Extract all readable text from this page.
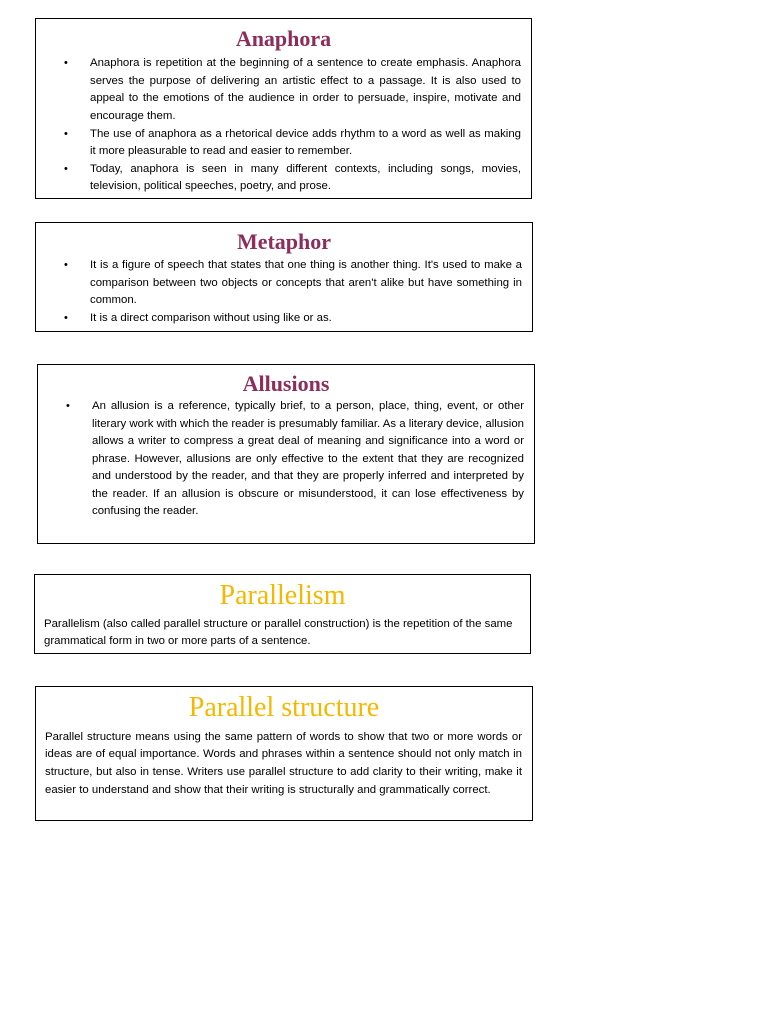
Anaphora
• Anaphora is repetition at the beginning of a sentence to create emphasis. Anaphora serves the purpose of delivering an artistic effect to a passage. It is also used to appeal to the emotions of the audience in order to persuade, inspire, motivate and encourage them.
• The use of anaphora as a rhetorical device adds rhythm to a word as well as making it more pleasurable to read and easier to remember.
• Today, anaphora is seen in many different contexts, including songs, movies, television, political speeches, poetry, and prose.
Metaphor
• It is a figure of speech that states that one thing is another thing. It's used to make a comparison between two objects or concepts that aren't alike but have something in common.
• It is a direct comparison without using like or as.
Allusions
• An allusion is a reference, typically brief, to a person, place, thing, event, or other literary work with which the reader is presumably familiar. As a literary device, allusion allows a writer to compress a great deal of meaning and significance into a word or phrase. However, allusions are only effective to the extent that they are recognized and understood by the reader, and that they are properly inferred and interpreted by the reader. If an allusion is obscure or misunderstood, it can lose effectiveness by confusing the reader.
Parallelism

Parallelism (also called parallel structure or parallel construction) is the repetition of the same grammatical form in two or more parts of a sentence.

Parallel structure

Parallel structure means using the same pattern of words to show that two or more words or ideas are of equal importance. Words and phrases within a sentence should not only match in structure, but also in tense. Writers use parallel structure to add clarity to their writing, make it easier to understand and show that their writing is structurally and grammatically correct.
